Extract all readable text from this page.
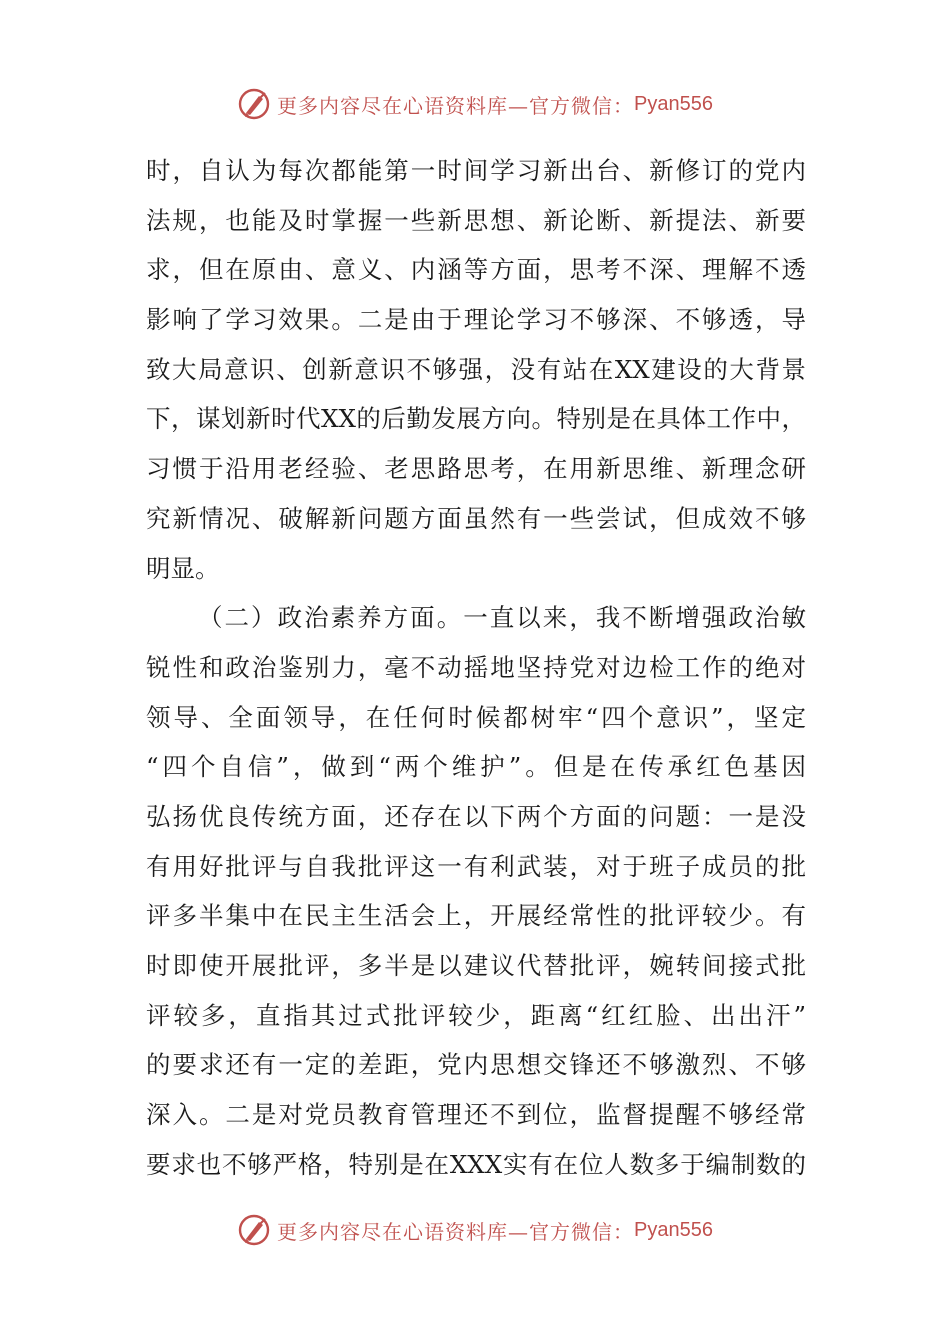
更多内容尽在心语资料库—官方微信： Pyan556
时，自认为每次都能第一时间学习新出台、新修订的党内
法规，也能及时掌握一些新思想、新论断、新提法、新要
求，但在原由、意义、内涵等方面，思考不深、理解不透
影响了学习效果。二是由于理论学习不够深、不够透，导
致大局意识、创新意识不够强，没有站在XX建设的大背景
下，谋划新时代XX的后勤发展方向。特别是在具体工作中，
习惯于沿用老经验、老思路思考，在用新思维、新理念研
究新情况、破解新问题方面虽然有一些尝试，但成效不够
明显。
（二）政治素养方面。一直以来，我不断增强政治敏
锐性和政治鉴别力，毫不动摇地坚持党对边检工作的绝对
领导、全面领导，在任何时候都树牢“四个意识”，坚定
“四个自信”，做到“两个维护”。但是在传承红色基因
弘扬优良传统方面，还存在以下两个方面的问题：一是没
有用好批评与自我批评这一有利武装，对于班子成员的批
评多半集中在民主生活会上，开展经常性的批评较少。有
时即使开展批评，多半是以建议代替批评，婉转间接式批
评较多，直指其过式批评较少，距离“红红脸、出出汗”
的要求还有一定的差距，党内思想交锋还不够激烈、不够
深入。二是对党员教育管理还不到位，监督提醒不够经常
要求也不够严格，特别是在XXX实有在位人数多于编制数的
更多内容尽在心语资料库—官方微信： Pyan556
